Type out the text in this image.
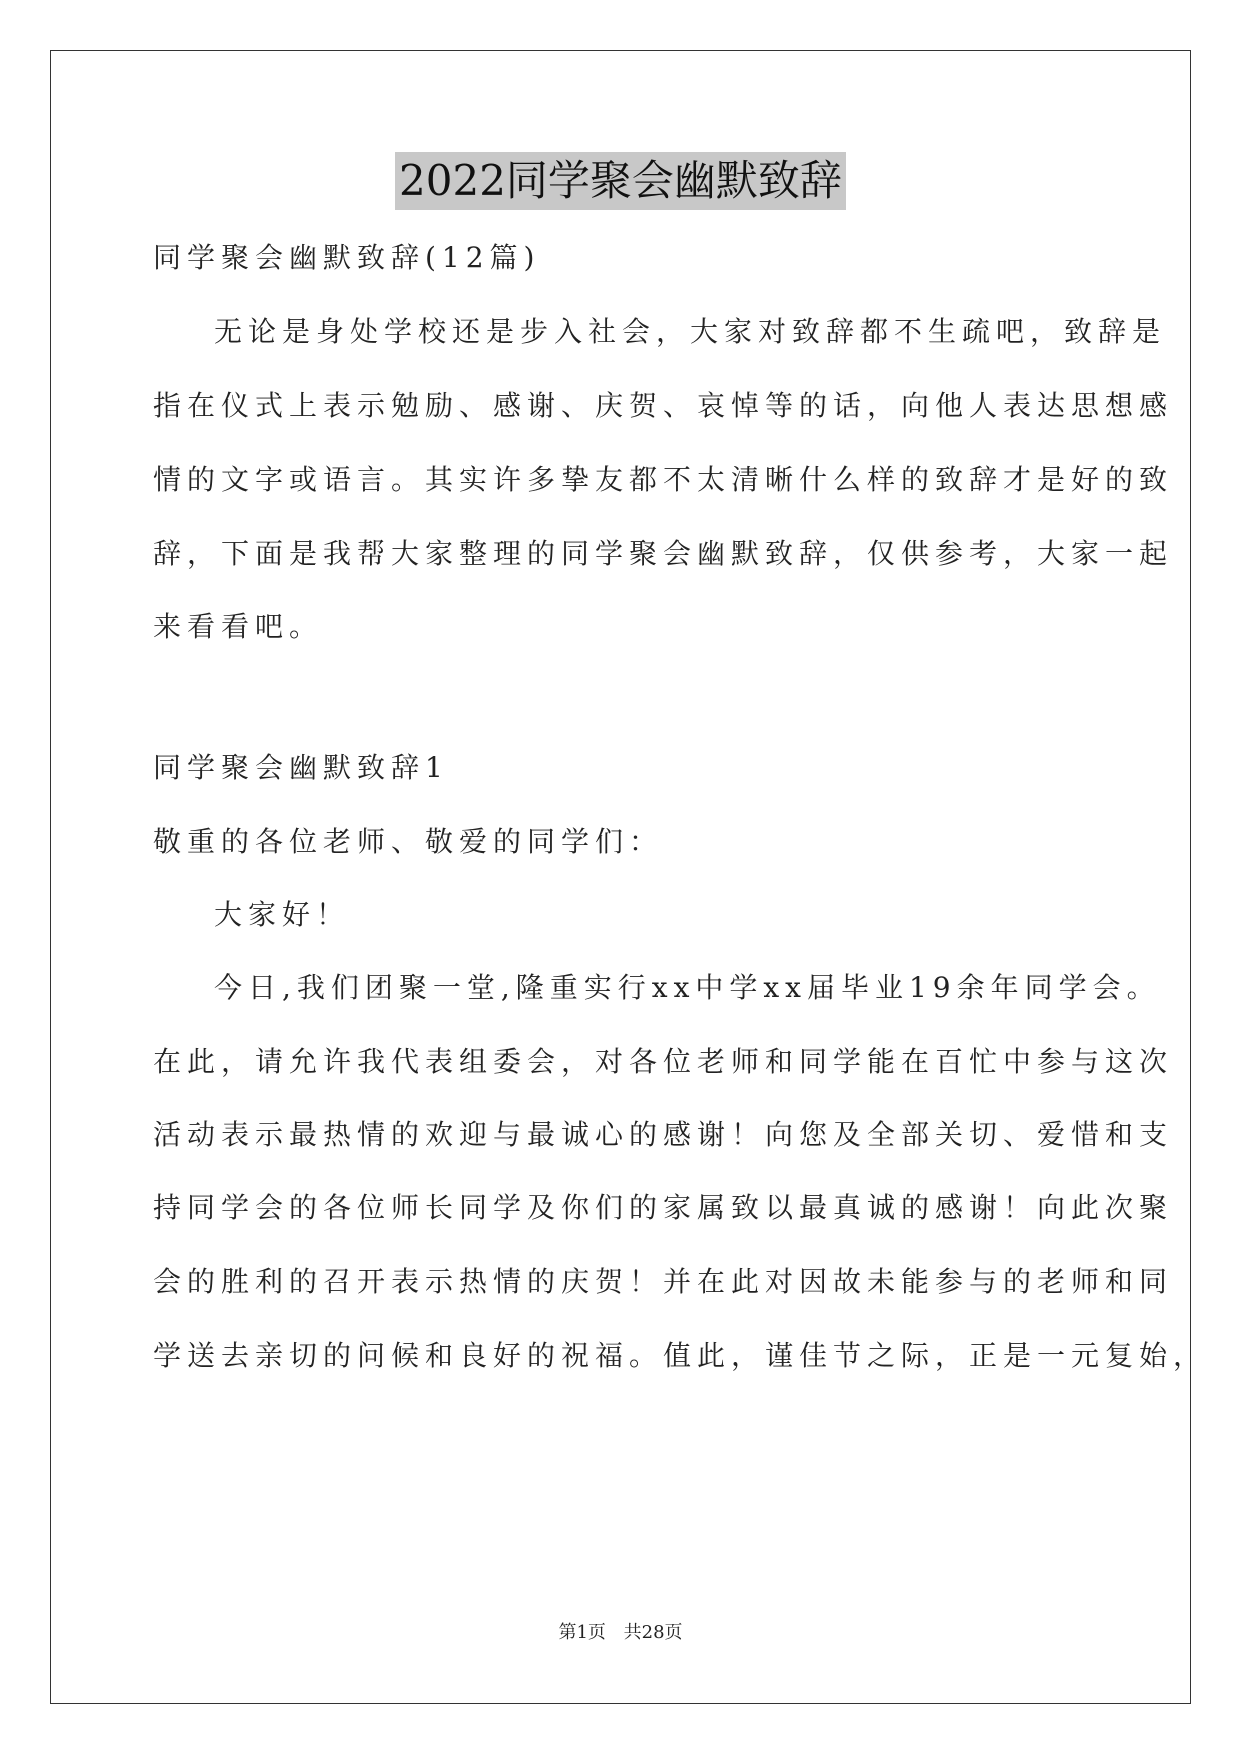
2022同学聚会幽默致辞
同学聚会幽默致辞(12篇)
无论是身处学校还是步入社会，大家对致辞都不生疏吧，致辞是
指在仪式上表示勉励、感谢、庆贺、哀悼等的话，向他人表达思想感
情的文字或语言。其实许多挚友都不太清晰什么样的致辞才是好的致
辞，下面是我帮大家整理的同学聚会幽默致辞，仅供参考，大家一起
来看看吧。
同学聚会幽默致辞1
敬重的各位老师、敬爱的同学们：
大家好！
今日,我们团聚一堂,隆重实行xx中学xx届毕业19余年同学会。
在此，请允许我代表组委会，对各位老师和同学能在百忙中参与这次
活动表示最热情的欢迎与最诚心的感谢！向您及全部关切、爱惜和支
持同学会的各位师长同学及你们的家属致以最真诚的感谢！向此次聚
会的胜利的召开表示热情的庆贺！并在此对因故未能参与的老师和同
学送去亲切的问候和良好的祝福。值此，谨佳节之际，正是一元复始，
第1页 共28页
